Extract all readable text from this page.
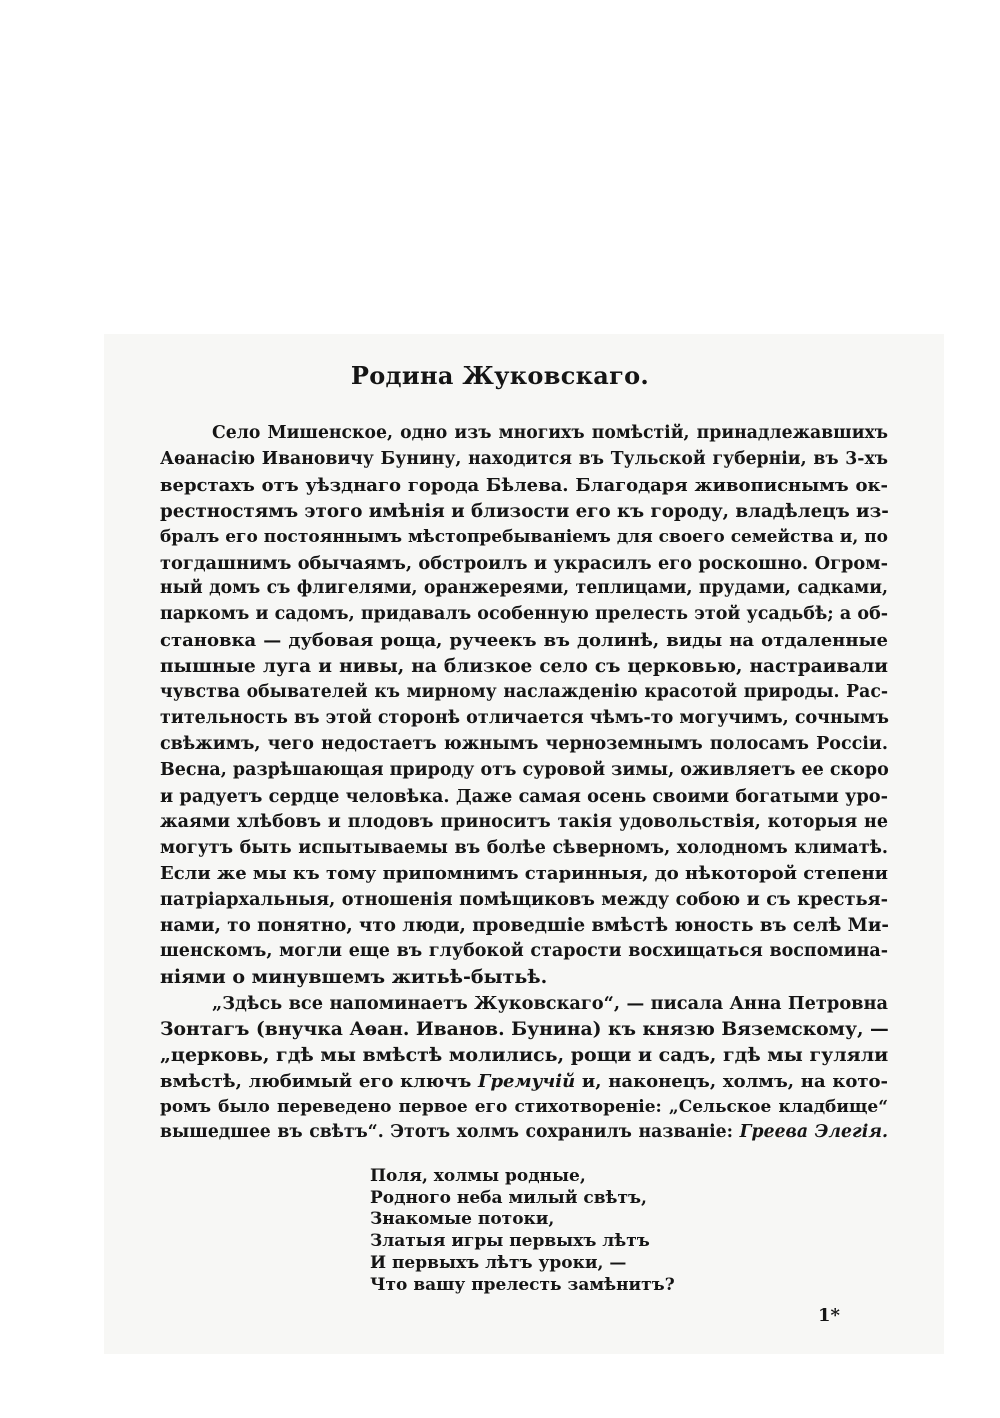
Родина Жуковскаго.
Село Мишенское, одно изъ многихъ помѣстій, принадлежавшихъ
Аѳанасію Ивановичу Бунину, находится въ Тульской губерніи, въ 3-хъ
верстахъ отъ уѣзднаго города Бѣлева. Благодаря живописнымъ ок-
рестностямъ этого имѣнія и близости его къ городу, владѣлецъ из-
бралъ его постояннымъ мѣстопребываніемъ для своего семейства и, по
тогдашнимъ обычаямъ, обстроилъ и украсилъ его роскошно. Огром-
ный домъ съ флигелями, оранжереями, теплицами, прудами, садками,
паркомъ и садомъ, придавалъ особенную прелесть этой усадьбѣ; а об-
становка — дубовая роща, ручеекъ въ долинѣ, виды на отдаленные
пышные луга и нивы, на близкое село съ церковью, настраивали
чувства обывателей къ мирному наслажденію красотой природы. Рас-
тительность въ этой сторонѣ отличается чѣмъ-то могучимъ, сочнымъ
свѣжимъ, чего недостаетъ южнымъ черноземнымъ полосамъ Россіи.
Весна, разрѣшающая природу отъ суровой зимы, оживляетъ ее скоро
и радуетъ сердце человѣка. Даже самая осень своими богатыми уро-
жаями хлѣбовъ и плодовъ приноситъ такія удовольствія, которыя не
могутъ быть испытываемы въ болѣе сѣверномъ, холодномъ климатѣ.
Если же мы къ тому припомнимъ старинныя, до нѣкоторой степени
патріархальныя, отношенія помѣщиковъ между собою и съ крестья-
нами, то понятно, что люди, проведшіе вмѣстѣ юность въ селѣ Ми-
шенскомъ, могли еще въ глубокой старости восхищаться воспомина-
ніями о минувшемъ житьѣ-бытьѣ.
„Здѣсь все напоминаетъ Жуковскаго“, — писала Анна Петровна
Зонтагъ (внучка Аѳан. Иванов. Бунина) къ князю Вяземскому, —
„церковь, гдѣ мы вмѣстѣ молились, рощи и садъ, гдѣ мы гуляли
вмѣстѣ, любимый его ключъ Гремучій и, наконецъ, холмъ, на кото-
ромъ было переведено первое его стихотвореніе: „Сельское кладбище“
вышедшее въ свѣтъ“. Этотъ холмъ сохранилъ названіе: Греева Элегія.
Поля, холмы родные,
Родного неба милый свѣтъ,
Знакомые потоки,
Златыя игры первыхъ лѣтъ
И первыхъ лѣтъ уроки, —
Что вашу прелесть замѣнитъ?
1*
